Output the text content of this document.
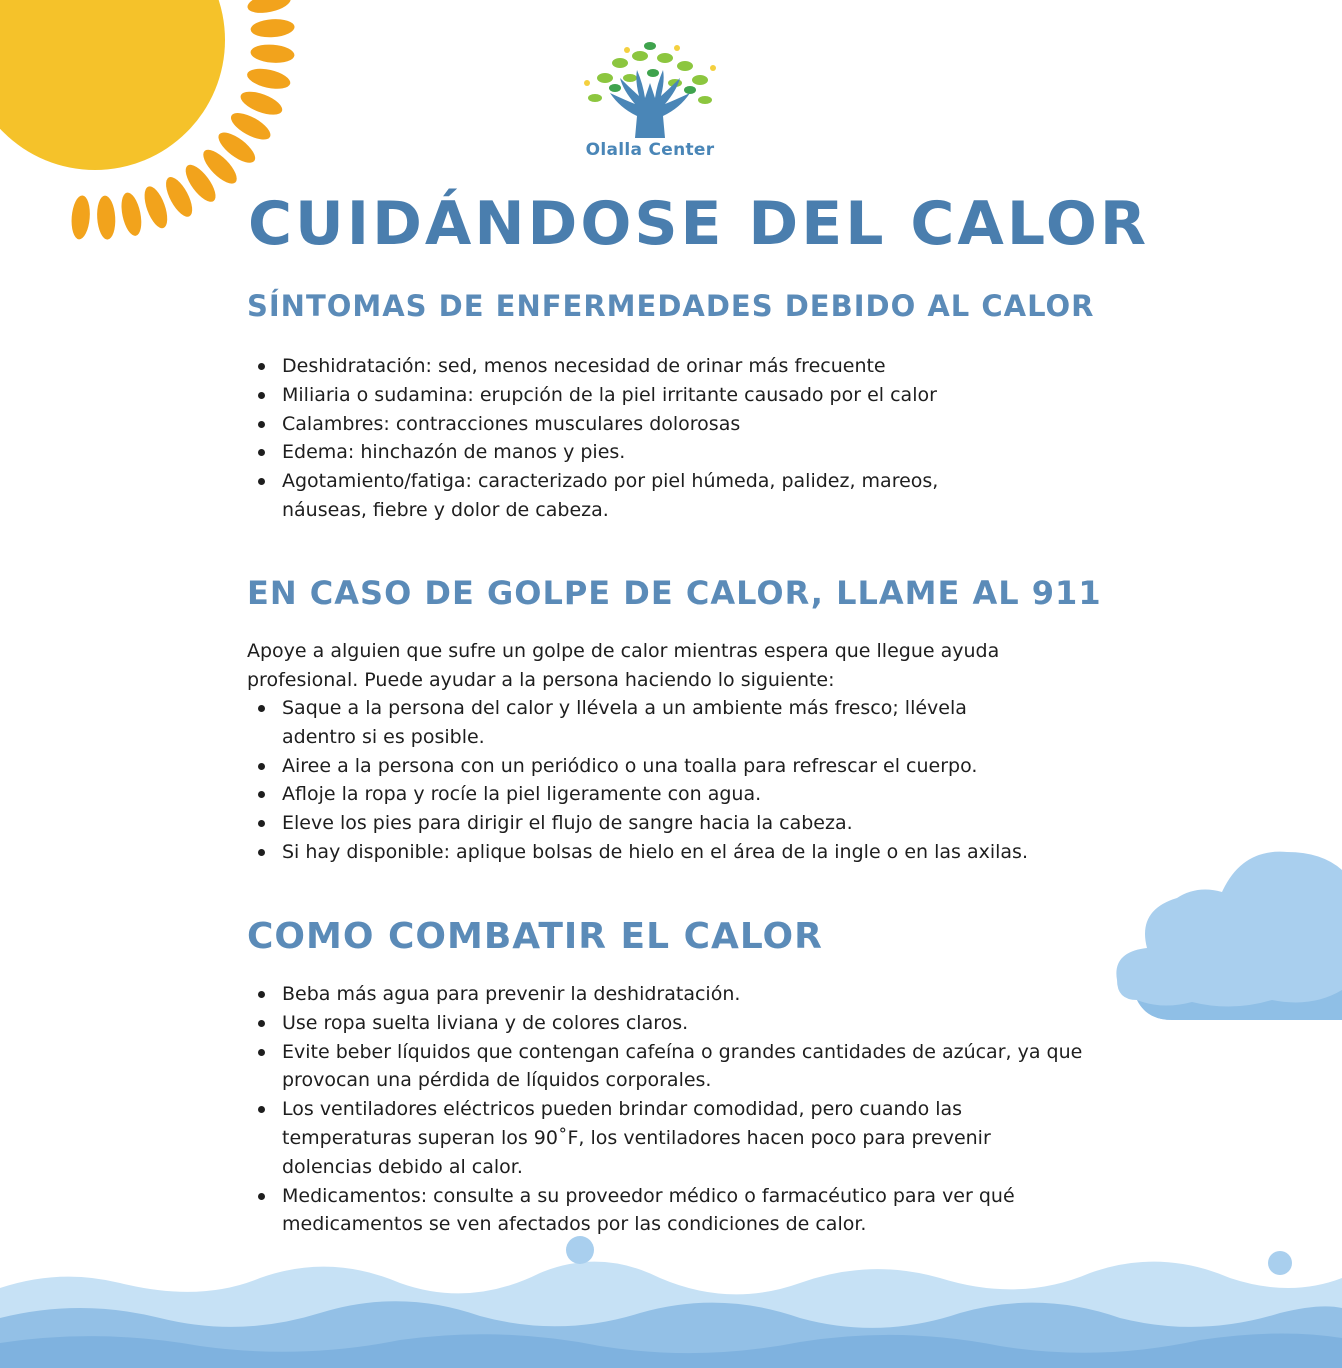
Olalla Center
CUIDÁNDOSE DEL CALOR
SÍNTOMAS DE ENFERMEDADES DEBIDO AL CALOR
Deshidratación: sed, menos necesidad de orinar más frecuente
Miliaria o sudamina: erupción de la piel irritante causado por el calor
Calambres: contracciones musculares dolorosas
Edema: hinchazón de manos y pies.
Agotamiento/fatiga: caracterizado por piel húmeda, palidez, mareos, náuseas, fiebre y dolor de cabeza.
EN CASO DE GOLPE DE CALOR, LLAME AL 911

Apoye a alguien que sufre un golpe de calor mientras espera que llegue ayuda profesional. Puede ayudar a la persona haciendo lo siguiente:

Saque a la persona del calor y llévela a un ambiente más fresco; llévela adentro si es posible.
Airee a la persona con un periódico o una toalla para refrescar el cuerpo.
Afloje la ropa y rocíe la piel ligeramente con agua.
Eleve los pies para dirigir el flujo de sangre hacia la cabeza.
Si hay disponible: aplique bolsas de hielo en el área de la ingle o en las axilas.
COMO COMBATIR EL CALOR
Beba más agua para prevenir la deshidratación.
Use ropa suelta liviana y de colores claros.
Evite beber líquidos que contengan cafeína o grandes cantidades de azúcar, ya que provocan una pérdida de líquidos corporales.
Los ventiladores eléctricos pueden brindar comodidad, pero cuando las temperaturas superan los 90˚F, los ventiladores hacen poco para prevenir dolencias debido al calor.
Medicamentos: consulte a su proveedor médico o farmacéutico para ver qué medicamentos se ven afectados por las condiciones de calor.
